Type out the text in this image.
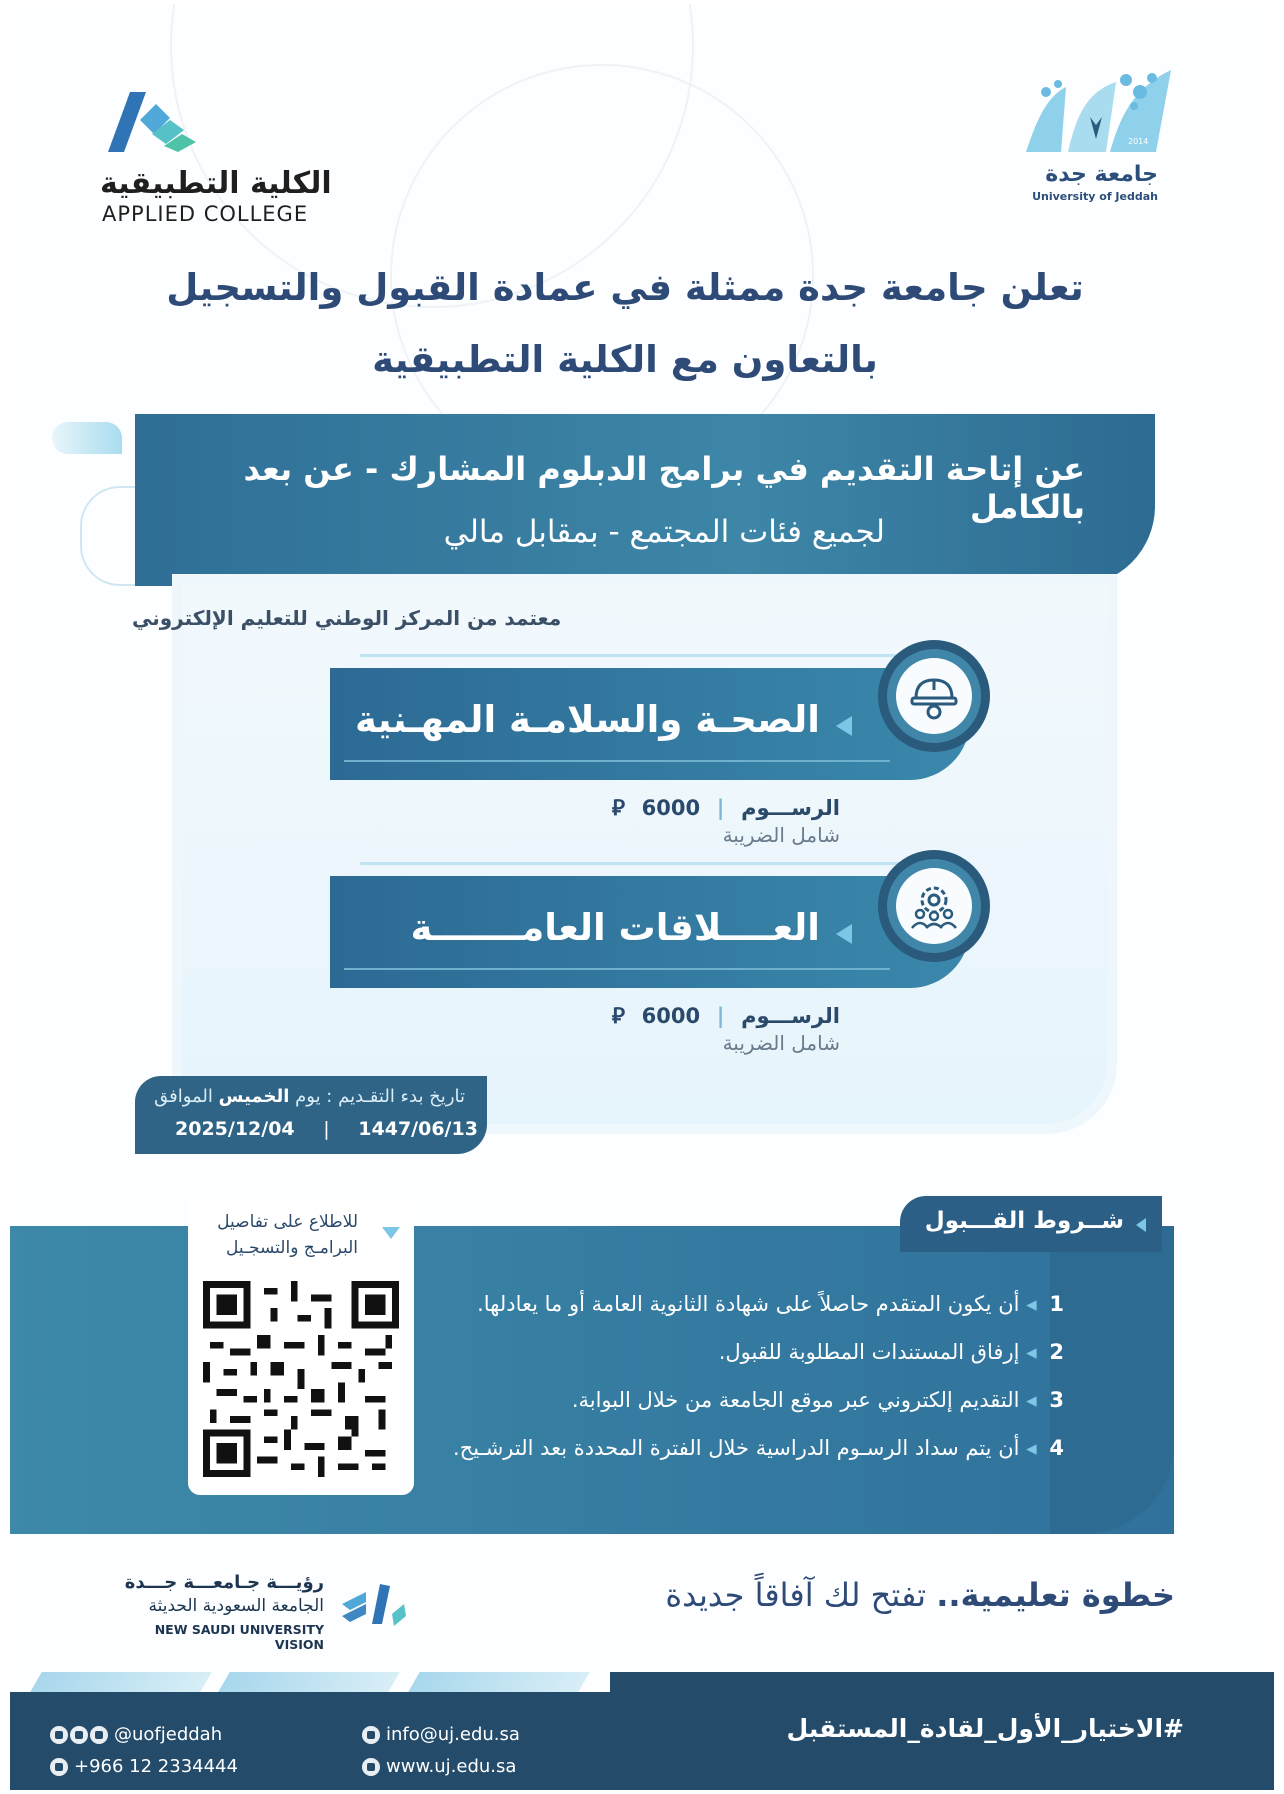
2014
جامعة جدة
University of Jeddah
الكلية التطبيقية
APPLIED COLLEGE
تعلن جامعة جدة ممثلة في عمادة القبول والتسجيل
بالتعاون مع الكلية التطبيقية
عن إتاحة التقديم في برامج الدبلوم المشارك - عن بعد بالكامل
لجميع فئات المجتمع - بمقابل مالي
معتمد من المركز الوطني للتعليم الإلكتروني
الصحـة والسلامـة المهـنية
الرســـوم | 6000 ⃁ شامل الضريبة
العــــلاقات العامـــــــة
الرســـوم | 6000 ⃁ شامل الضريبة
تاريخ بدء التقـديم : يوم الخميس الموافق
2025/12/04 | 1447/06/13
شــروط القـــبول
1 ◂ أن يكون المتقدم حاصلاً على شهادة الثانوية العامة أو ما يعادلها.
2 ◂ إرفاق المستندات المطلوبة للقبول.
3 ◂ التقديم إلكتروني عبر موقع الجامعة من خلال البوابة.
4 ◂ أن يتم سداد الرسـوم الدراسية خلال الفترة المحددة بعد الترشـيح.
للاطلاع على تفاصيل
البرامـج والتسجـيل
خطوة تعليمية.. تفتح لك آفاقاً جديدة
رؤيـــة جـامعـــة جـــدة
الجامعة السعودية الحديثة
NEW SAUDI UNIVERSITY VISION
#الاختيار_الأول_لقادة_المستقبل
info@uj.edu.sa
www.uj.edu.sa
@uofjeddah
+966 12 2334444
